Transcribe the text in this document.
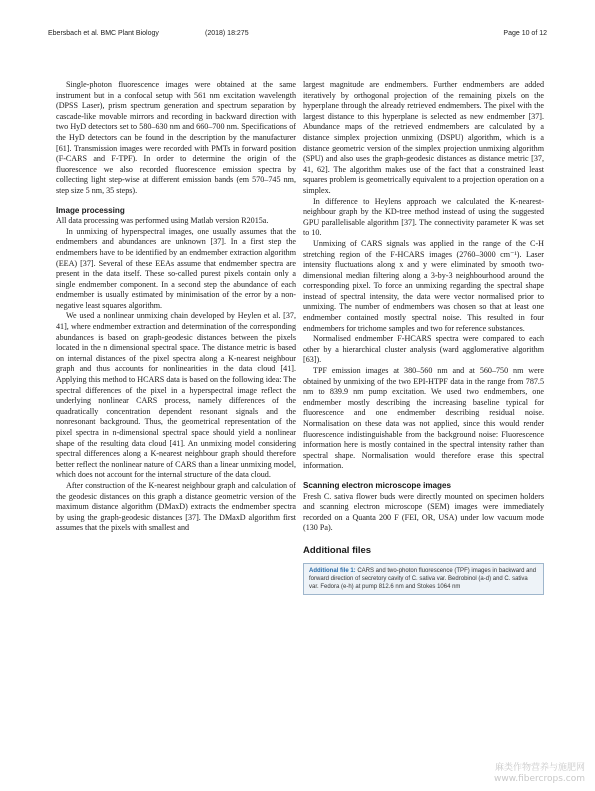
Ebersbach et al. BMC Plant Biology	(2018) 18:275	Page 10 of 12

Single-photon fluorescence images were obtained at the same instrument but in a confocal setup with 561 nm excitation wavelength (DPSS Laser), prism spectrum generation and spectrum separation by cascade-like movable mirrors and recording in backward direction with two HyD detectors set to 580–630 nm and 660–700 nm. Specifications of the HyD detectors can be found in the description by the manufacturer [61]. Transmission images were recorded with PMTs in forward position (F-CARS and F-TPF). In order to determine the origin of the fluorescence we also recorded fluorescence emission spectra by collecting light step-wise at different emission bands (em 570–745 nm, step size 5 nm, 35 steps).

Image processing

All data processing was performed using Matlab version R2015a.

In unmixing of hyperspectral images, one usually assumes that the endmembers and abundances are unknown [37]. In a first step the endmembers have to be identified by an endmember extraction algorithm (EEA) [37]. Several of these EEAs assume that endmember spectra are present in the data itself. These so-called purest pixels contain only a single endmember component. In a second step the abundance of each endmember is usually estimated by minimisation of the error by a non-negative least squares algorithm.

We used a nonlinear unmixing chain developed by Heylen et al. [37, 41], where endmember extraction and determination of the corresponding abundances is based on graph-geodesic distances between the pixels located in the n dimensional spectral space. The distance metric is based on internal distances of the pixel spectra along a K-nearest neighbour graph and thus accounts for nonlinearities in the data cloud [41]. Applying this method to HCARS data is based on the following idea: The spectral differences of the pixel in a hyperspectral image reflect the underlying nonlinear CARS process, namely differences of the quadratically concentration dependent resonant signals and the nonresonant background. Thus, the geometrical representation of the pixel spectra in n-dimensional spectral space should yield a nonlinear shape of the resulting data cloud [41]. An unmixing model considering spectral differences along a K-nearest neighbour graph should therefore better reflect the nonlinear nature of CARS than a linear unmixing model, which does not account for the internal structure of the data cloud.

After construction of the K-nearest neighbour graph and calculation of the geodesic distances on this graph a distance geometric version of the maximum distance algorithm (DMaxD) extracts the endmember spectra by using the graph-geodesic distances [37]. The DMaxD algorithm first assumes that the pixels with smallest and

largest magnitude are endmembers. Further endmembers are added iteratively by orthogonal projection of the remaining pixels on the hyperplane through the already retrieved endmembers. The pixel with the largest distance to this hyperplane is selected as new endmember [37]. Abundance maps of the retrieved endmembers are calculated by a distance simplex projection unmixing (DSPU) algorithm, which is a distance geometric version of the simplex projection unmixing algorithm (SPU) and also uses the graph-geodesic distances as distance metric [37, 41, 62]. The algorithm makes use of the fact that a constrained least squares problem is geometrically equivalent to a projection operation on a simplex.

In difference to Heylens approach we calculated the K-nearest-neighbour graph by the KD-tree method instead of using the suggested GPU parallelisable algorithm [37]. The connectivity parameter K was set to 10.

Unmixing of CARS signals was applied in the range of the C-H stretching region of the F-HCARS images (2760–3000 cm⁻¹). Laser intensity fluctuations along x and y were eliminated by smooth two-dimensional median filtering along a 3-by-3 neighbourhood around the corresponding pixel. To force an unmixing regarding the spectral shape instead of spectral intensity, the data were vector normalised prior to unmixing. The number of endmembers was chosen so that at least one endmember contained mostly spectral noise. This resulted in four endmembers for trichome samples and two for reference substances.

Normalised endmember F-HCARS spectra were compared to each other by a hierarchical cluster analysis (ward agglomerative algorithm [63]).

TPF emission images at 380–560 nm and at 560–750 nm were obtained by unmixing of the two EPI-HTPF data in the range from 787.5 nm to 839.9 nm pump excitation. We used two endmembers, one endmember mostly describing the increasing baseline typical for fluorescence and one endmember describing residual noise. Normalisation on these data was not applied, since this would render fluorescence indistinguishable from the background noise: Fluorescence information here is mostly contained in the spectral intensity rather than spectral shape. Normalisation would therefore erase this spectral information.

Scanning electron microscope images

Fresh C. sativa flower buds were directly mounted on specimen holders and scanning electron microscope (SEM) images were immediately recorded on a Quanta 200 F (FEI, OR, USA) under low vacuum mode (130 Pa).

Additional files
Additional file 1: CARS and two-photon fluorescence (TPF) images in backward and forward direction of secretory cavity of C. sativa var. Bedrobinol (a-d) and C. sativa var. Fedora (e-h) at pump 812.6 nm and Stokes 1064 nm
麻类作物营养与施肥网
www.fibercrops.com
